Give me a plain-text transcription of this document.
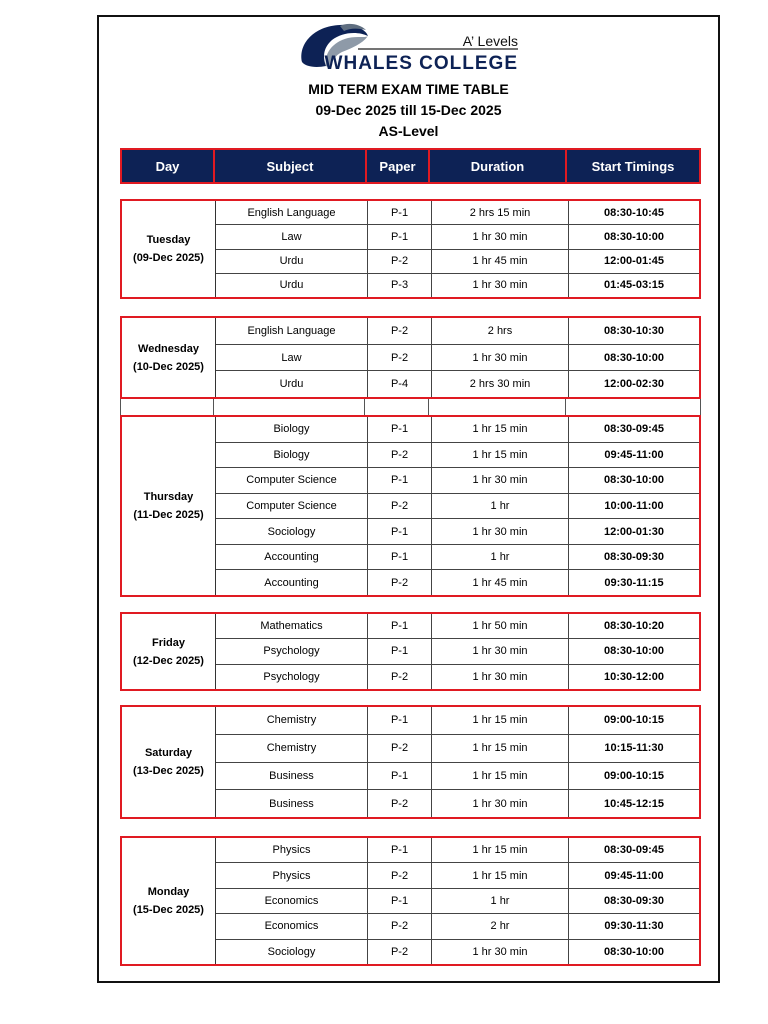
A’ Levels
WHALES COLLEGE
MID TERM EXAM TIME TABLE
09-Dec 2025 till 15-Dec 2025
AS-Level
Day	Subject	Paper	Duration	Start Timings
Tuesday
(09-Dec 2025)
English Language	P-1	2 hrs 15 min	08:30-10:45
Law	P-1	1 hr 30 min	08:30-10:00
Urdu	P-2	1 hr 45 min	12:00-01:45
Urdu	P-3	1 hr 30 min	01:45-03:15
Wednesday
(10-Dec 2025)
English Language	P-2	2 hrs	08:30-10:30
Law	P-2	1 hr 30 min	08:30-10:00
Urdu	P-4	2 hrs 30 min	12:00-02:30
Thursday
(11-Dec 2025)
Biology	P-1	1 hr 15 min	08:30-09:45
Biology	P-2	1 hr 15 min	09:45-11:00
Computer Science	P-1	1 hr 30 min	08:30-10:00
Computer Science	P-2	1 hr	10:00-11:00
Sociology	P-1	1 hr 30 min	12:00-01:30
Accounting	P-1	1 hr	08:30-09:30
Accounting	P-2	1 hr 45 min	09:30-11:15
Friday
(12-Dec 2025)
Mathematics	P-1	1 hr 50 min	08:30-10:20
Psychology	P-1	1 hr 30 min	08:30-10:00
Psychology	P-2	1 hr 30 min	10:30-12:00
Saturday
(13-Dec 2025)
Chemistry	P-1	1 hr 15 min	09:00-10:15
Chemistry	P-2	1 hr 15 min	10:15-11:30
Business	P-1	1 hr 15 min	09:00-10:15
Business	P-2	1 hr 30 min	10:45-12:15
Monday
(15-Dec 2025)
Physics	P-1	1 hr 15 min	08:30-09:45
Physics	P-2	1 hr 15 min	09:45-11:00
Economics	P-1	1 hr	08:30-09:30
Economics	P-2	2 hr	09:30-11:30
Sociology	P-2	1 hr 30 min	08:30-10:00
